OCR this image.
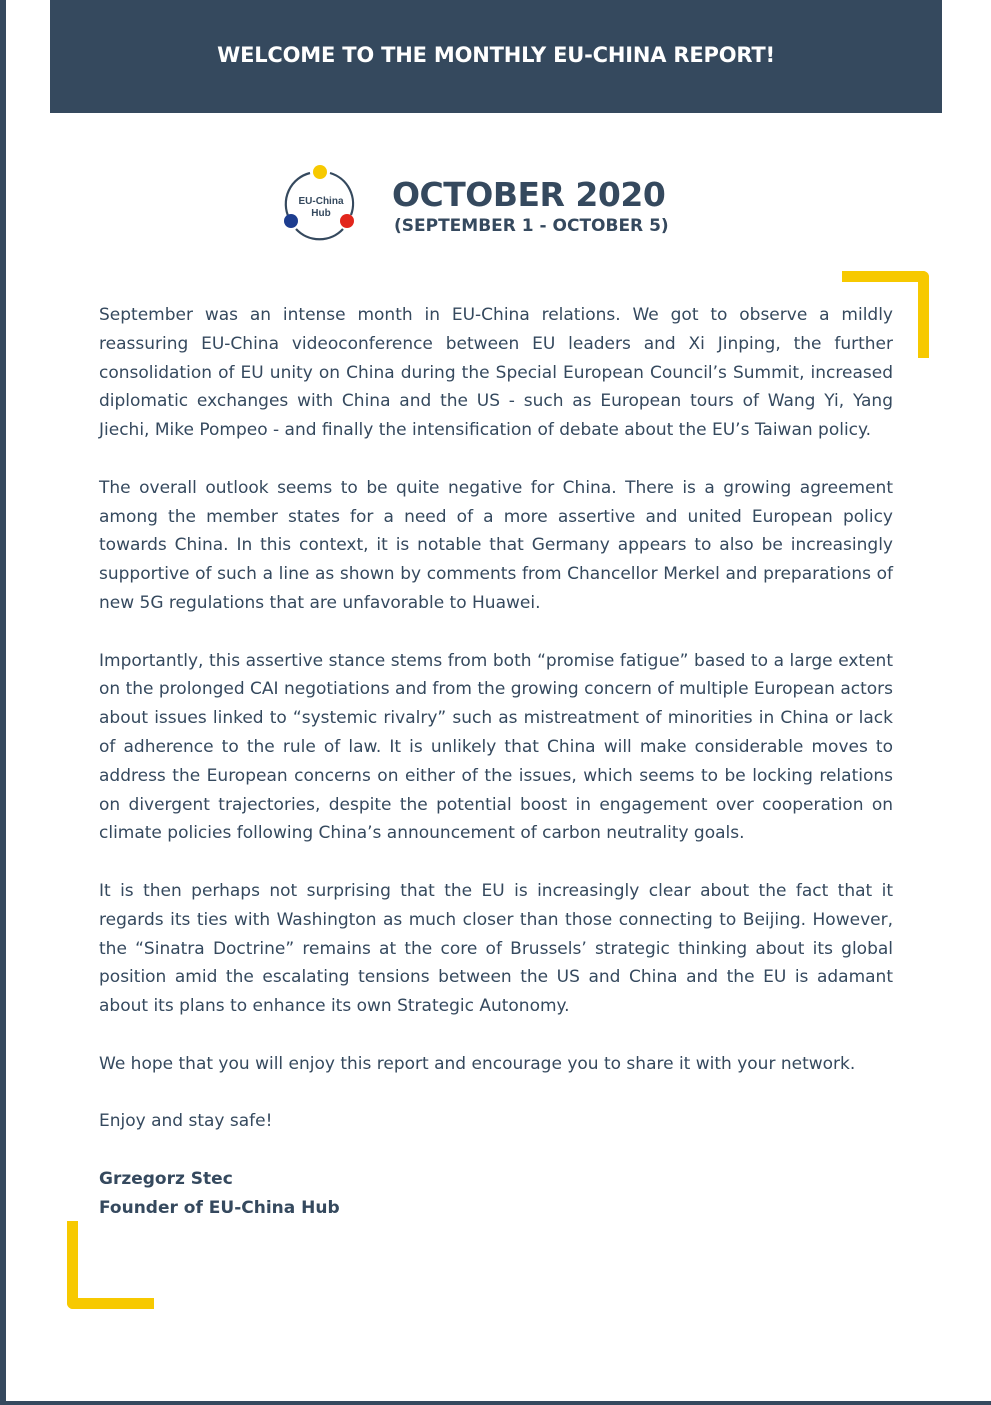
WELCOME TO THE MONTHLY EU-CHINA REPORT!
EU-China
Hub OCTOBER 2020
(SEPTEMBER 1 - OCTOBER 5)

September was an intense month in EU-China relations. We got to observe a mildly reassuring EU-China videoconference between EU leaders and Xi Jinping, the further consolidation of EU unity on China during the Special European Council’s Summit, increased diplomatic exchanges with China and the US - such as European tours of Wang Yi, Yang Jiechi, Mike Pompeo - and finally the intensification of debate about the EU’s Taiwan policy.

The overall outlook seems to be quite negative for China. There is a growing agreement among the member states for a need of a more assertive and united European policy towards China. In this context, it is notable that Germany appears to also be increasingly supportive of such a line as shown by comments from Chancellor Merkel and preparations of new 5G regulations that are unfavorable to Huawei.

Importantly, this assertive stance stems from both “promise fatigue” based to a large extent on the prolonged CAI negotiations and from the growing concern of multiple European actors about issues linked to “systemic rivalry” such as mistreatment of minorities in China or lack of adherence to the rule of law. It is unlikely that China will make considerable moves to address the European concerns on either of the issues, which seems to be locking relations on divergent trajectories, despite the potential boost in engagement over cooperation on climate policies following China’s announcement of carbon neutrality goals.

It is then perhaps not surprising that the EU is increasingly clear about the fact that it regards its ties with Washington as much closer than those connecting to Beijing. However, the “Sinatra Doctrine” remains at the core of Brussels’ strategic thinking about its global position amid the escalating tensions between the US and China and the EU is adamant about its plans to enhance its own Strategic Autonomy.

We hope that you will enjoy this report and encourage you to share it with your network.

Enjoy and stay safe!

Grzegorz Stec
Founder of EU-China Hub
